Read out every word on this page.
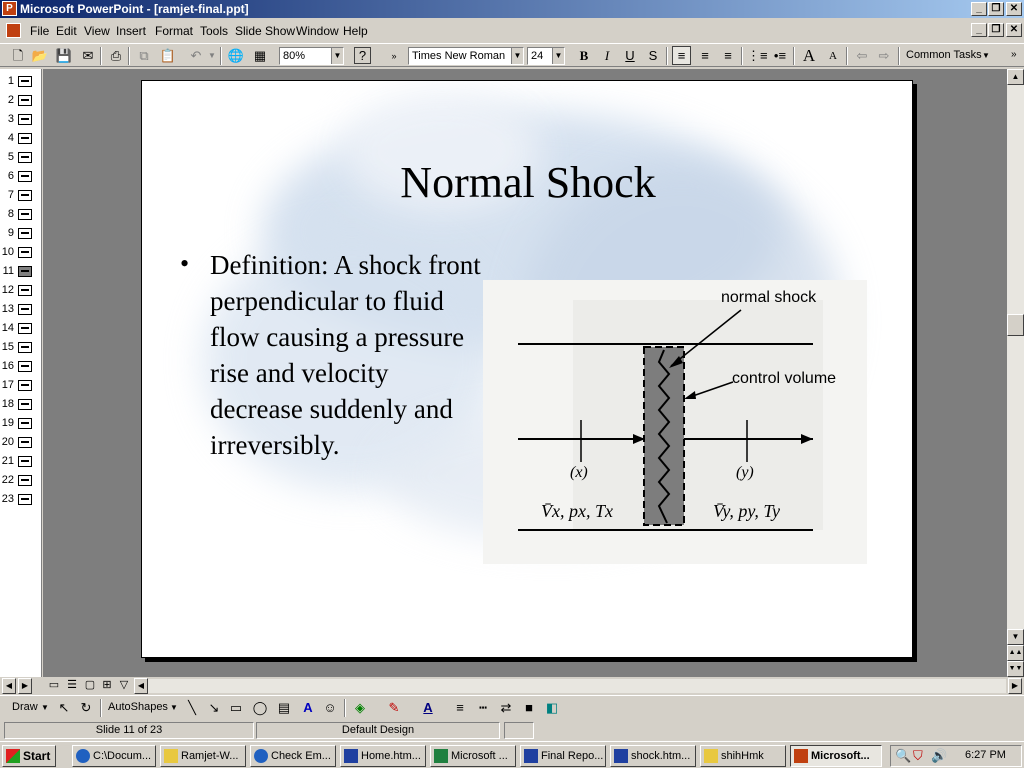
P Microsoft PowerPoint - [ramjet-final.ppt]	_ ❐ ✕
File Edit View Insert Format Tools Slide Show Window Help	_ ❐ ✕
🗋 📂 💾 ✉	⎙	⧉ 📋	↶ ▼ 🌐 ▦	80%	▼	?	»	Times New Roman	▼ 24	▼	B	I	U	S	≡	≡	≡	⋮≡ •≡ A	A	⇦ ⇨	Common Tasks ▼ »
1
2
3
4
5
6
7
8
9
10
11
12
13
14
15
16
17
18
19
20
21
22
23
Normal Shock
• Definition: A shock front perpendicular to fluid flow causing a pressure rise and velocity decrease suddenly and irreversibly.
normal shock
control volume
(x)	(y)
V̄x, px, Tx	V̄y, py, Ty
▲
▼
▲▲
▼▼
◀	▶	▭ ☰ ▢ ⊞ ▽	◀	▶
Draw ▼ ↖ ↻	AutoShapes ▼ ╲ ↘ ▭ ◯ ▤	A ☺	◈	✎	A	≡	┅	⇄	■ ◧
Slide 11 of 23	Default Design
Start	C:\Docum...	Ramjet-W...	Check Em...	Home.htm...	Microsoft ...	Final Repo...	shock.htm...	shihHmk	Microsoft...	🔍 ⛉ 🔊 6:27 PM
